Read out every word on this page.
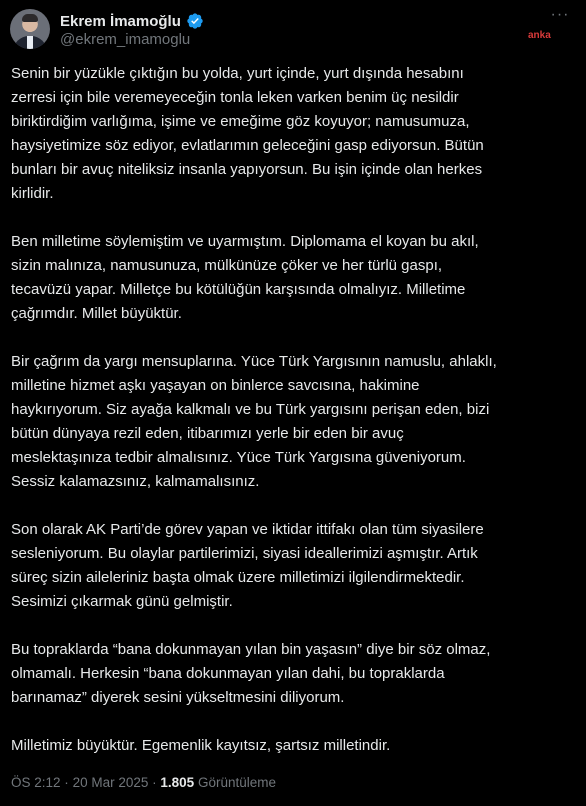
Ekrem İmamoğlu
@ekrem_imamoglu
···
anka

Senin bir yüzükle çıktığın bu yolda, yurt içinde, yurt dışında hesabını
zerresi için bile veremeyeceğin tonla leken varken benim üç nesildir
biriktirdiğim varlığıma, işime ve emeğime göz koyuyor; namusumuza,
haysiyetimize söz ediyor, evlatlarımın geleceğini gasp ediyorsun. Bütün
bunları bir avuç niteliksiz insanla yapıyorsun. Bu işin içinde olan herkes
kirlidir.

Ben milletime söylemiştim ve uyarmıştım. Diplomama el koyan bu akıl,
sizin malınıza, namusunuza, mülkünüze çöker ve her türlü gaspı,
tecavüzü yapar. Milletçe bu kötülüğün karşısında olmalıyız. Milletime
çağrımdır. Millet büyüktür.

Bir çağrım da yargı mensuplarına. Yüce Türk Yargısının namuslu, ahlaklı,
milletine hizmet aşkı yaşayan on binlerce savcısına, hakimine
haykırıyorum. Siz ayağa kalkmalı ve bu Türk yargısını perişan eden, bizi
bütün dünyaya rezil eden, itibarımızı yerle bir eden bir avuç
meslektaşınıza tedbir almalısınız. Yüce Türk Yargısına güveniyorum.
Sessiz kalamazsınız, kalmamalısınız.

Son olarak AK Parti’de görev yapan ve iktidar ittifakı olan tüm siyasilere
sesleniyorum. Bu olaylar partilerimizi, siyasi ideallerimizi aşmıştır. Artık
süreç sizin aileleriniz başta olmak üzere milletimizi ilgilendirmektedir.
Sesimizi çıkarmak günü gelmiştir.

Bu topraklarda “bana dokunmayan yılan bin yaşasın” diye bir söz olmaz,
olmamalı. Herkesin “bana dokunmayan yılan dahi, bu topraklarda
barınamaz” diyerek sesini yükseltmesini diliyorum.

Milletimiz büyüktür. Egemenlik kayıtsız, şartsız milletindir.

ÖS 2:12 · 20 Mar 2025 · 1.805 Görüntüleme
